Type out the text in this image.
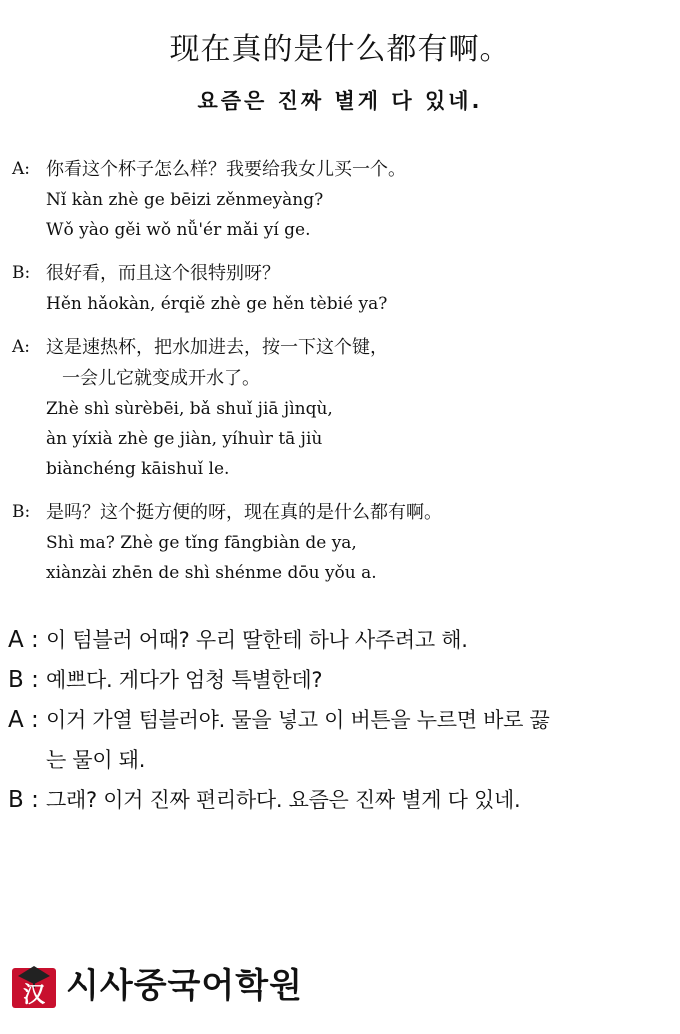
现在真的是什么都有啊。
요즘은 진짜 별게 다 있네.
A: 你看这个杯子怎么样？我要给我女儿买一个。
Nǐ kàn zhè ge bēizi zěnmeyàng?
Wǒ yào gěi wǒ nǚ'ér mǎi yí ge.
B: 很好看，而且这个很特别呀？
Hěn hǎokàn, érqiě zhè ge hěn tèbié ya?
A: 这是速热杯，把水加进去，按一下这个键，
一会儿它就变成开水了。
Zhè shì sùrèbēi, bǎ shuǐ jiā jìnqù,
àn yíxià zhè ge jiàn, yíhuìr tā jiù
biànchéng kāishuǐ le.
B: 是吗？这个挺方便的呀，现在真的是什么都有啊。
Shì ma? Zhè ge tǐng fāngbiàn de ya,
xiànzài zhēn de shì shénme dōu yǒu a.
A : 이 텀블러 어때? 우리 딸한테 하나 사주려고 해.
B : 예쁘다. 게다가 엄청 특별한데?
A : 이거 가열 텀블러야. 물을 넣고 이 버튼을 누르면 바로 끓
는 물이 돼.
B : 그래? 이거 진짜 편리하다. 요즘은 진짜 별게 다 있네.
汉 시사중국어학원
